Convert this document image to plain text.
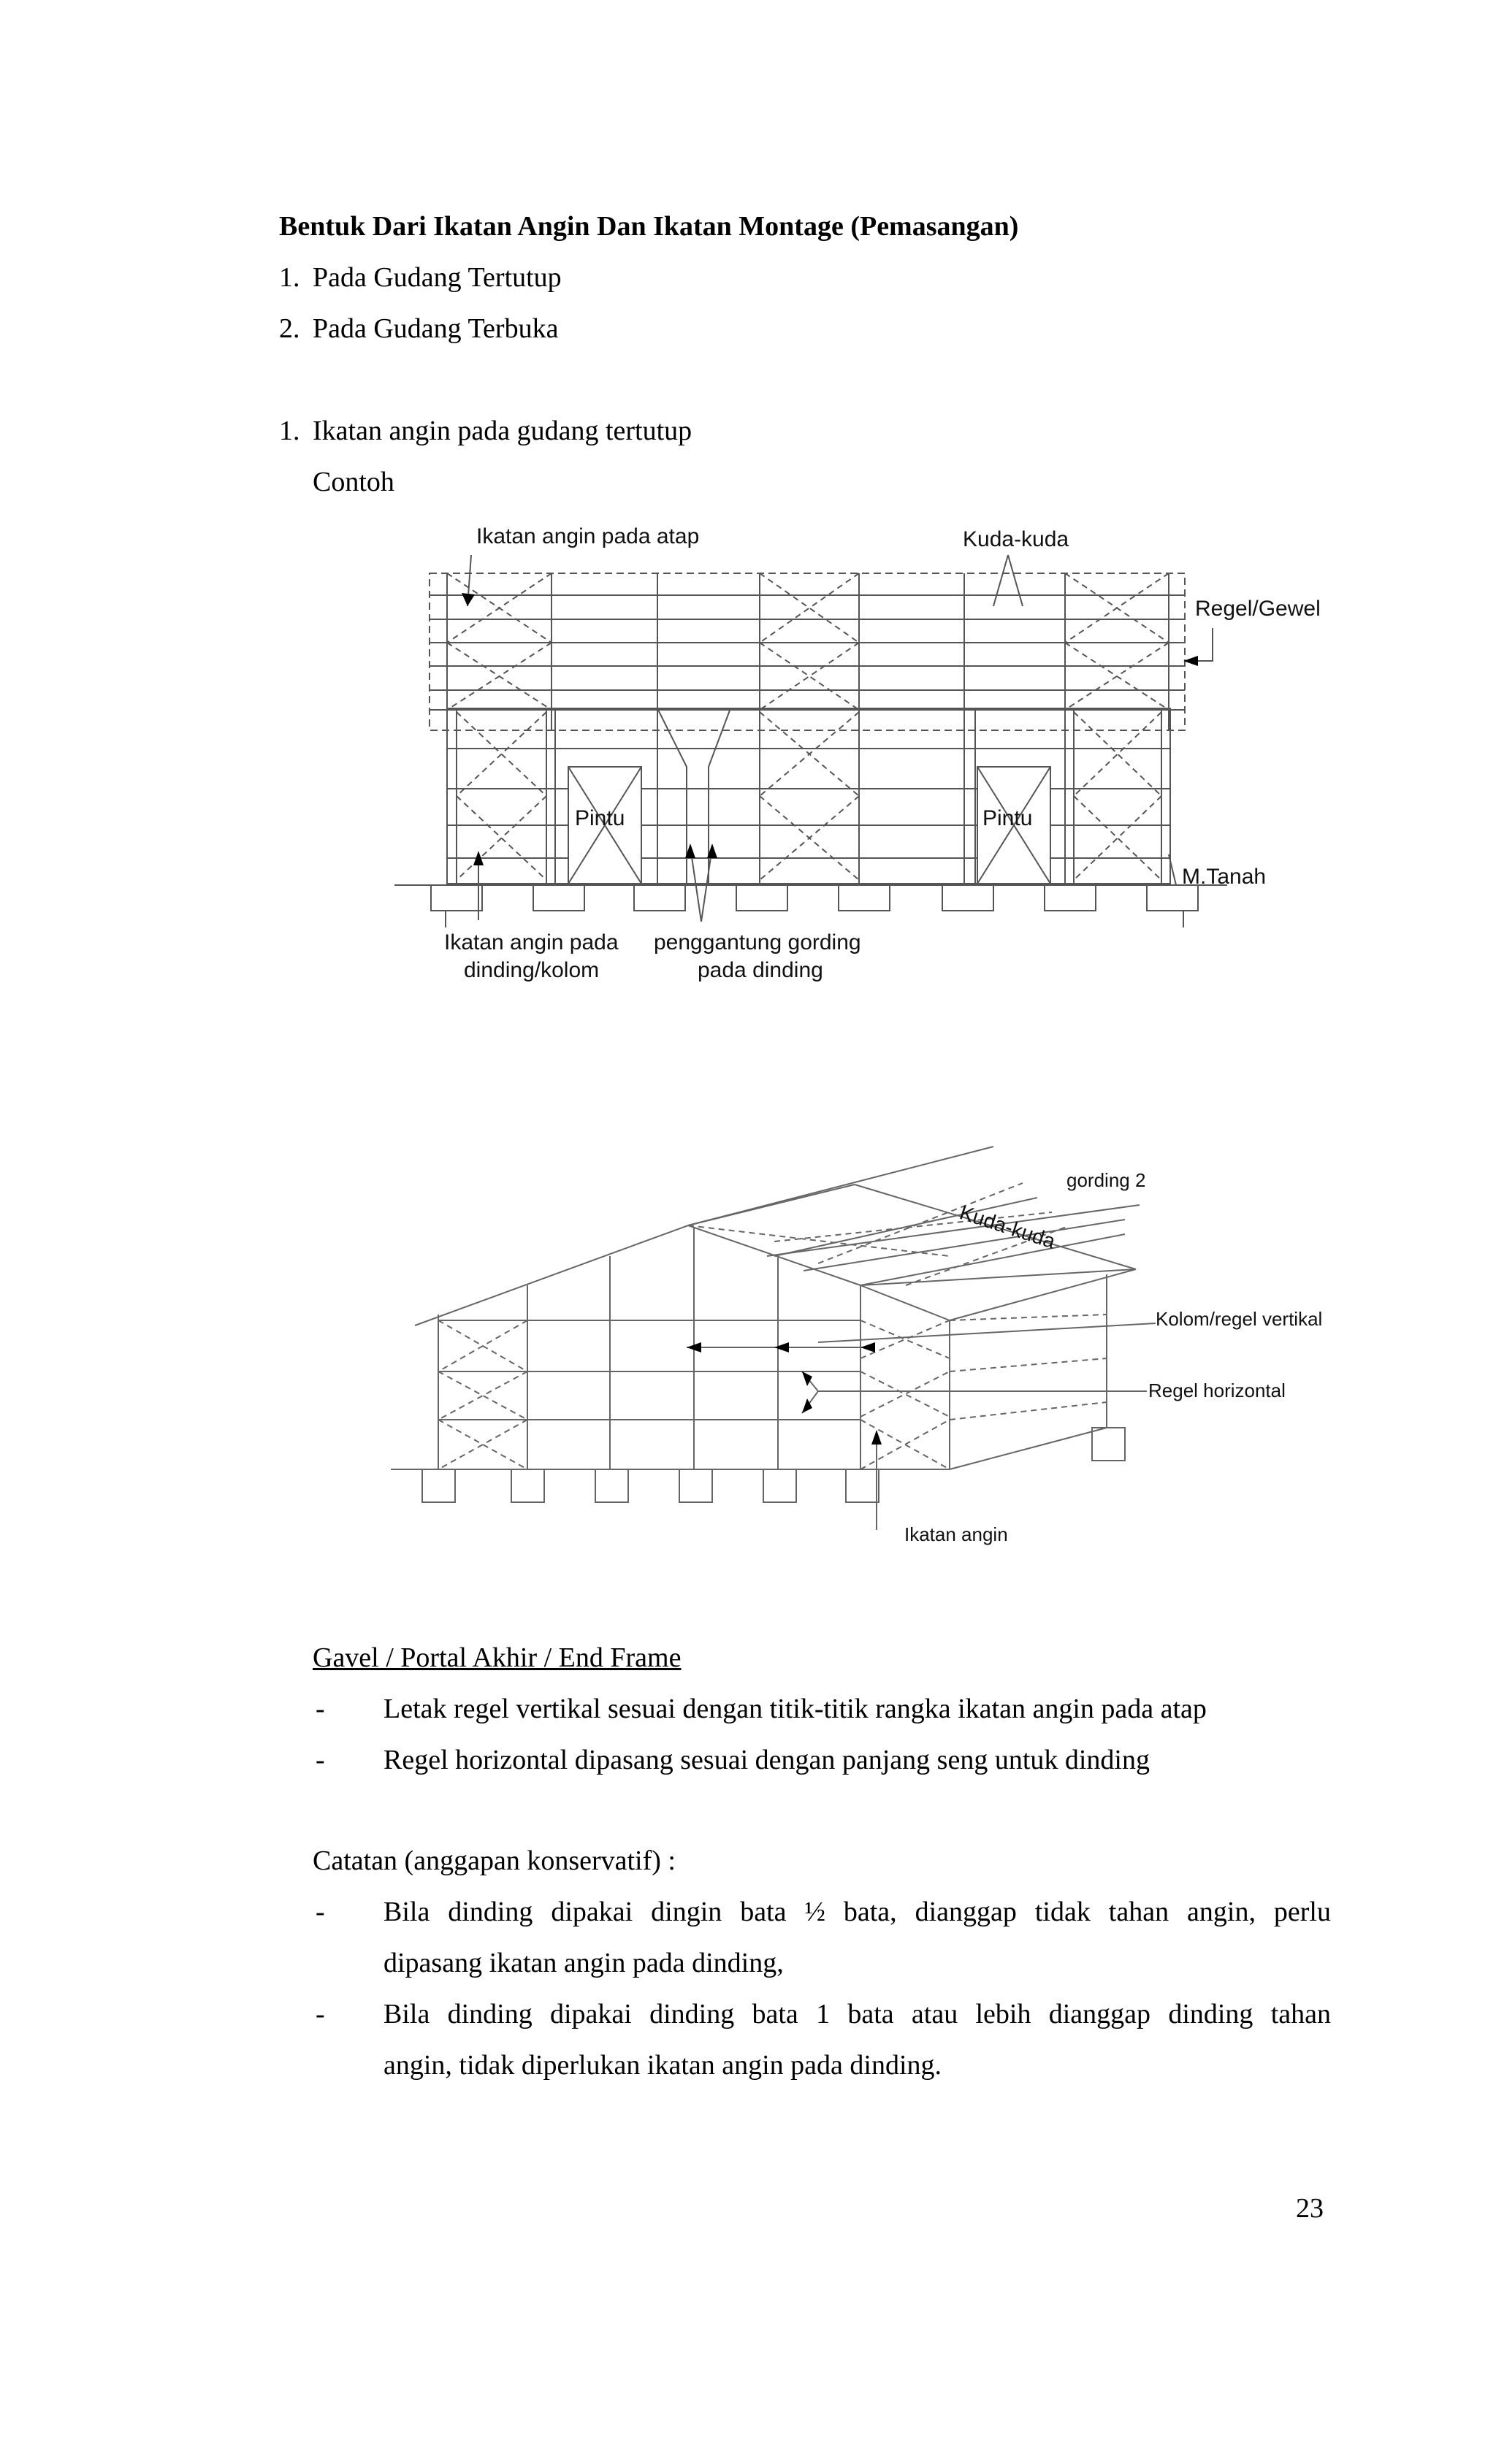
Bentuk Dari Ikatan Angin Dan Ikatan Montage (Pemasangan)
1. Pada Gudang Tertutup
2. Pada Gudang Terbuka
1. Ikatan angin pada gudang tertutup
Contoh
Ikatan angin pada atap	Kuda-kuda
Regel/Gewel
Pintu	Pintu
M.Tanah
Ikatan angin pada
dinding/kolom
penggantung gording
pada dinding
gording 2
Kuda-kuda
Kolom/regel vertikal
Regel horizontal
Ikatan angin
Gavel / Portal Akhir / End Frame
- Letak regel vertikal sesuai dengan titik-titik rangka ikatan angin pada atap
- Regel horizontal dipasang sesuai dengan panjang seng untuk dinding
Catatan (anggapan konservatif) :
- Bila dinding dipakai dingin bata ½ bata, dianggap tidak tahan angin, perlu
dipasang ikatan angin pada dinding,
- Bila dinding dipakai dinding bata 1 bata atau lebih dianggap dinding tahan
angin, tidak diperlukan ikatan angin pada dinding.
23
